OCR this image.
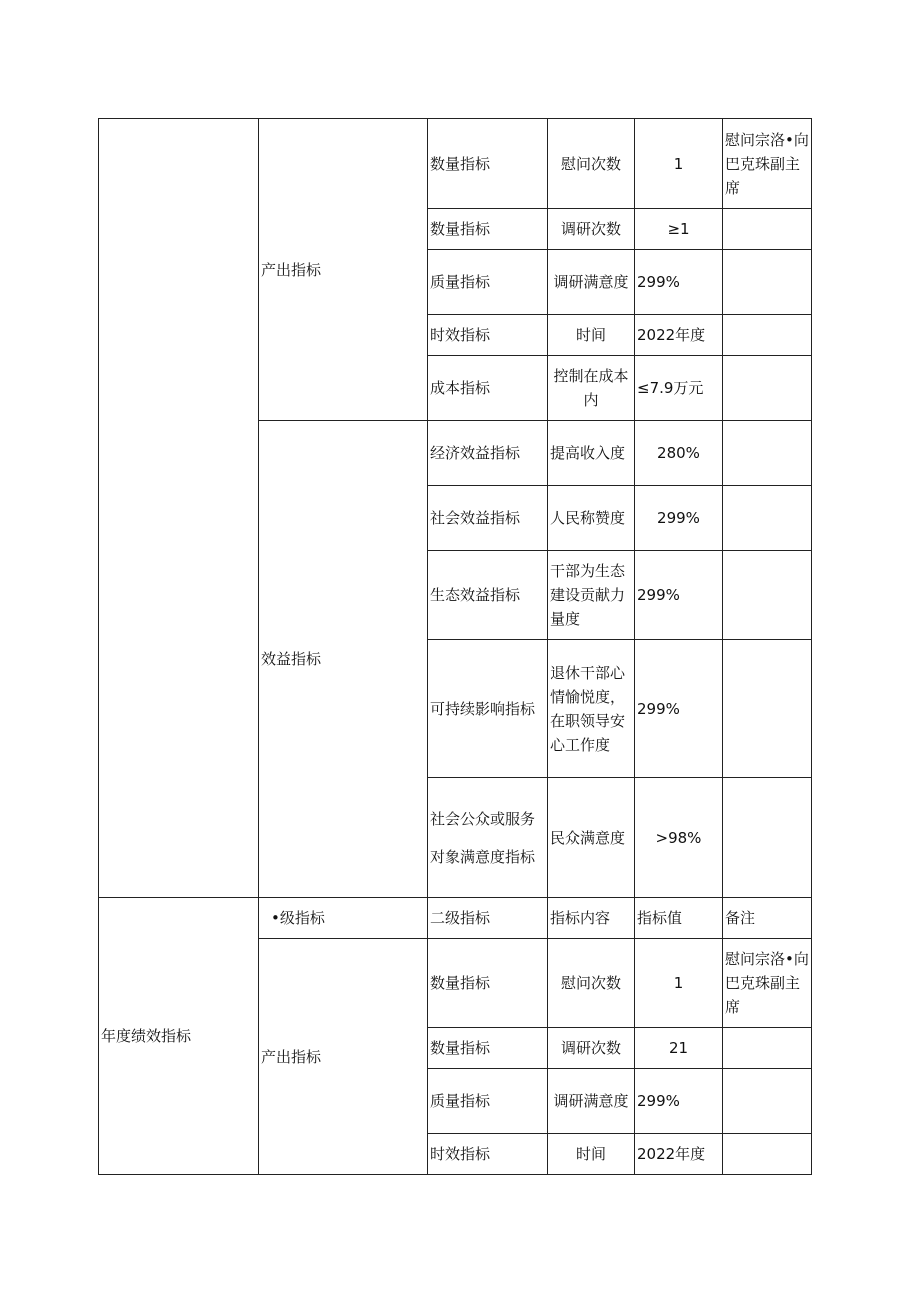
	产出指标	数量指标	慰问次数	1	慰问宗洛•向巴克珠副主席
		数量指标	调研次数	≥1	
		质量指标	调研满意度	299%	
		时效指标	时间	2022年度	
		成本指标	控制在成本内	≤7.9万元	
	效益指标	经济效益指标	提高收入度	280%	
		社会效益指标	人民称赞度	299%	
		生态效益指标	干部为生态建设贡献力量度	299%	
		可持续影响指标	退休干部心情愉悦度，在职领导安心工作度	299%	
		社会公众或服务对象满意度指标	民众满意度	>98%	
年度绩效指标	•级指标	二级指标	指标内容	指标值	备注
	产出指标	数量指标	慰问次数	1	慰问宗洛•向巴克珠副主席
		数量指标	调研次数	21	
		质量指标	调研满意度	299%	
		时效指标	时间	2022年度	
